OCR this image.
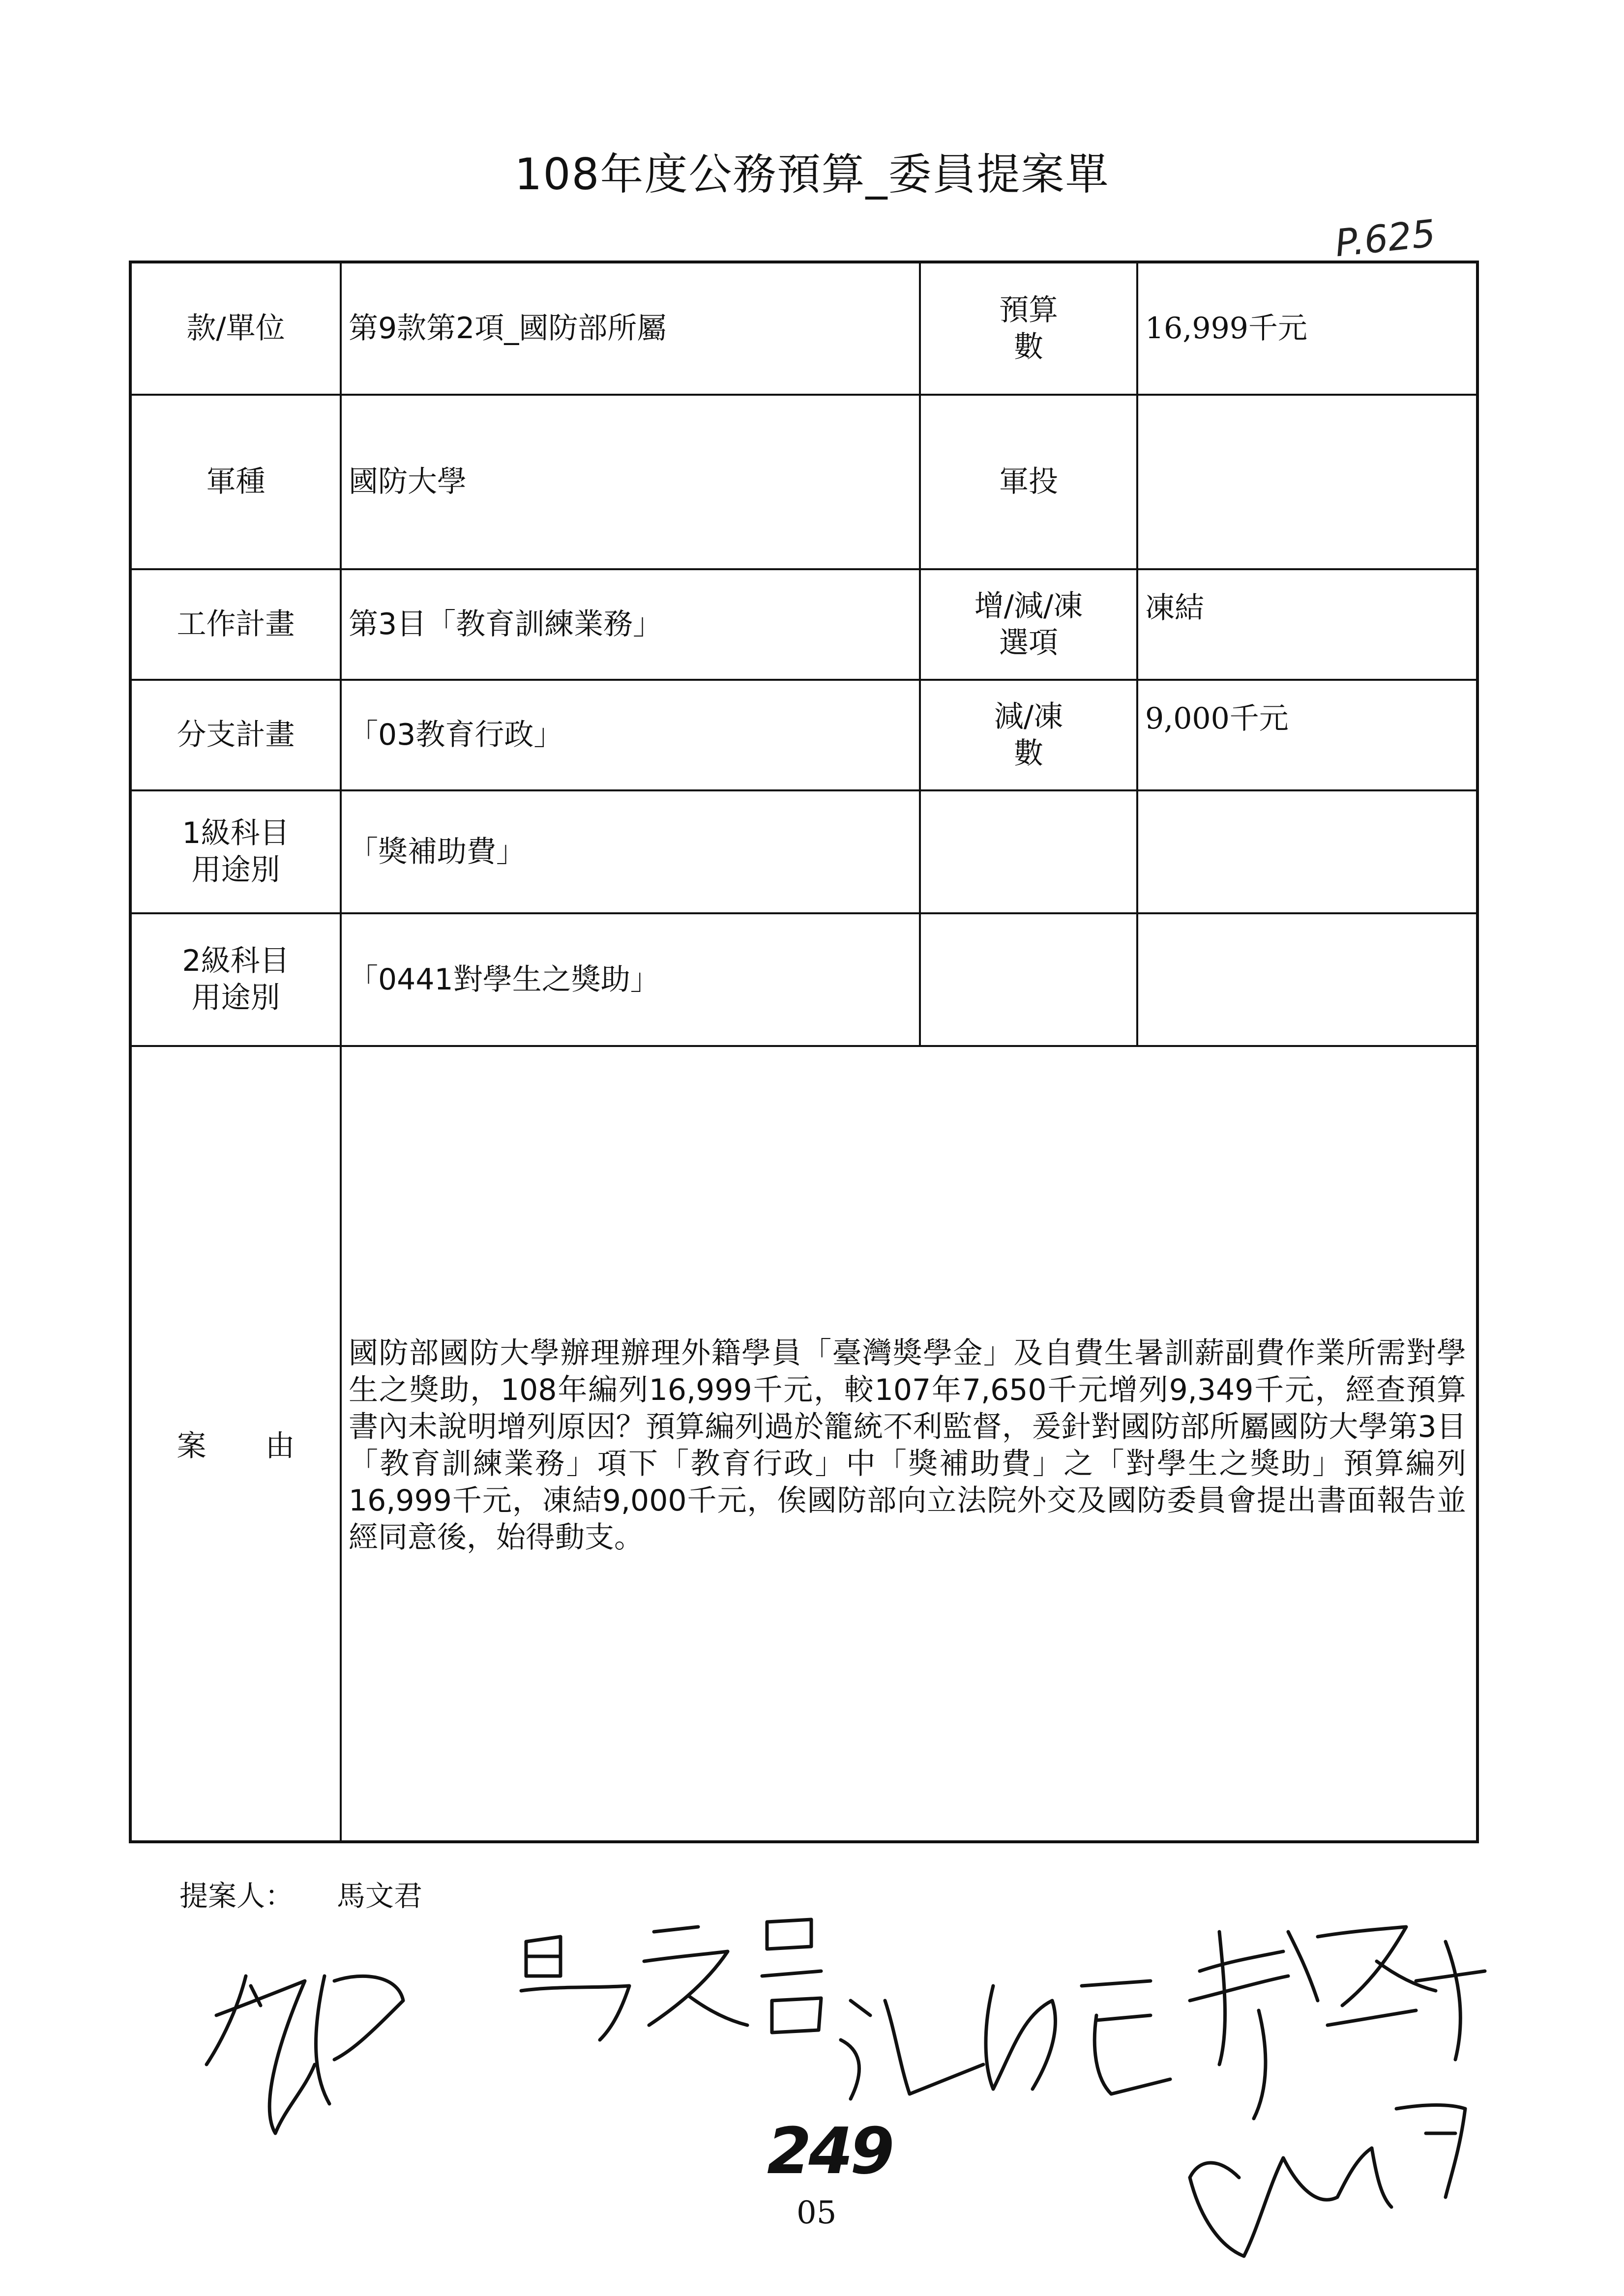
108年度公務預算_委員提案單
P.625
款/單位	第9款第2項_國防部所屬	預算數	16,999千元
軍種	國防大學	軍投	
工作計畫	第3目「教育訓練業務」	增/減/凍選項	凍結
分支計畫	「03教育行政」	減/凍數	9,000千元
1級科目用途別	「獎補助費」		
2級科目用途別	「0441對學生之獎助」		
案　　由	國防部國防大學辦理辦理外籍學員「臺灣獎學金」及自費生暑訓薪副費作業所需對學生之獎助，108年編列16,999千元，較107年7,650千元增列9,349千元，經查預算書內未說明增列原因？預算編列過於籠統不利監督，爰針對國防部所屬國防大學第3目「教育訓練業務」項下「教育行政」中「獎補助費」之「對學生之獎助」預算編列16,999千元，凍結9,000千元，俟國防部向立法院外交及國防委員會提出書面報告並經同意後，始得動支。		
提案人： 馬文君
249
05
